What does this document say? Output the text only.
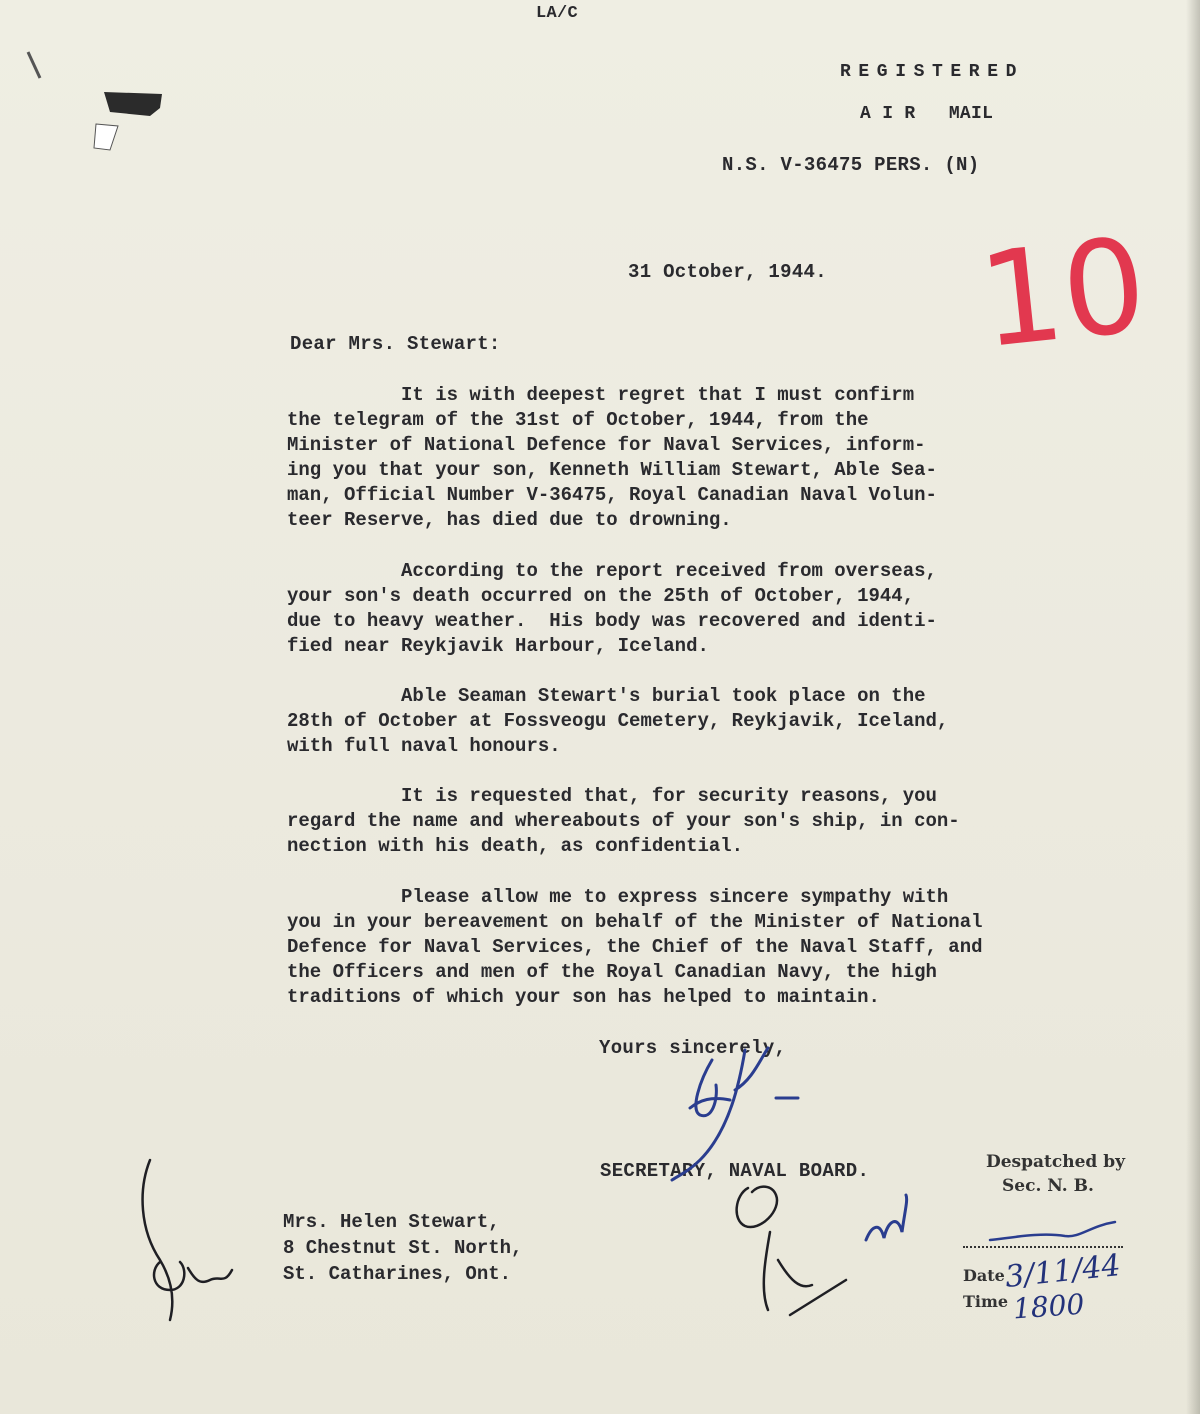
LA/C
REGISTERED
A I R   MAIL
N.S. V-36475 PERS. (N)
10
31 October, 1944.
Dear Mrs. Stewart:
It is with deepest regret that I must confirm
the telegram of the 31st of October, 1944, from the
Minister of National Defence for Naval Services, inform-
ing you that your son, Kenneth William Stewart, Able Sea-
man, Official Number V-36475, Royal Canadian Naval Volun-
teer Reserve, has died due to drowning.
According to the report received from overseas,
your son's death occurred on the 25th of October, 1944,
due to heavy weather.  His body was recovered and identi-
fied near Reykjavik Harbour, Iceland.
Able Seaman Stewart's burial took place on the
28th of October at Fossveogu Cemetery, Reykjavik, Iceland,
with full naval honours.
It is requested that, for security reasons, you
regard the name and whereabouts of your son's ship, in con-
nection with his death, as confidential.
Please allow me to express sincere sympathy with
you in your bereavement on behalf of the Minister of National
Defence for Naval Services, the Chief of the Naval Staff, and
the Officers and men of the Royal Canadian Navy, the high
traditions of which your son has helped to maintain.
Yours sincerely,
SECRETARY, NAVAL BOARD.
Mrs. Helen Stewart,
8 Chestnut St. North,
St. Catharines, Ont.
Despatched by
Sec. N. B.
Date
Time
3/11/44
1800
